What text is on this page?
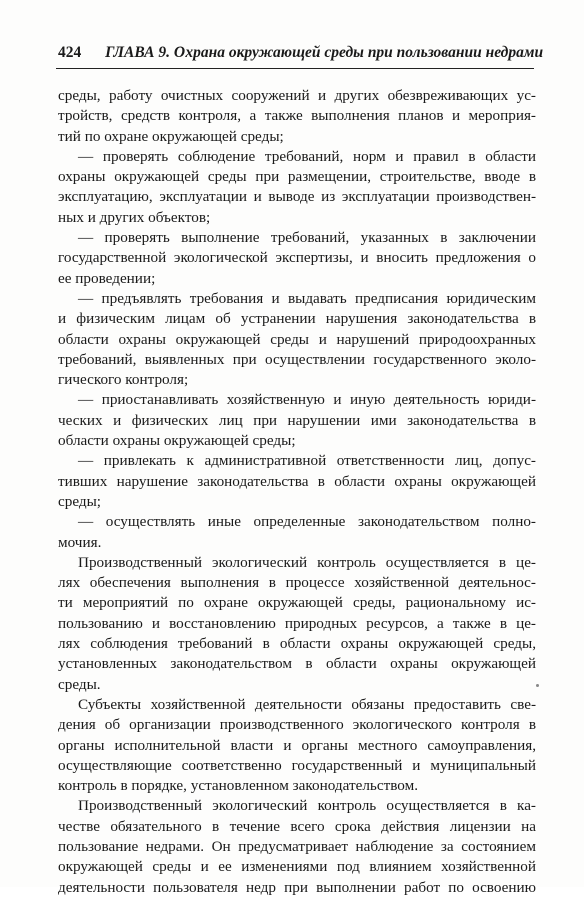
424 ГЛАВА 9. Охрана окружающей среды при пользовании недрами
среды, работу очистных сооружений и других обезвреживающих ус-
тройств, средств контроля, а также выполнения планов и мероприя-
тий по охране окружающей среды;
— проверять соблюдение требований, норм и правил в области
охраны окружающей среды при размещении, строительстве, вводе в
эксплуатацию, эксплуатации и выводе из эксплуатации производствен-
ных и других объектов;
— проверять выполнение требований, указанных в заключении
государственной экологической экспертизы, и вносить предложения о
ее проведении;
— предъявлять требования и выдавать предписания юридическим
и физическим лицам об устранении нарушения законодательства в
области охраны окружающей среды и нарушений природоохранных
требований, выявленных при осуществлении государственного эколо-
гического контроля;
— приостанавливать хозяйственную и иную деятельность юриди-
ческих и физических лиц при нарушении ими законодательства в
области охраны окружающей среды;
— привлекать к административной ответственности лиц, допус-
тивших нарушение законодательства в области охраны окружающей
среды;
— осуществлять иные определенные законодательством полно-
мочия.
Производственный экологический контроль осуществляется в це-
лях обеспечения выполнения в процессе хозяйственной деятельнос-
ти мероприятий по охране окружающей среды, рациональному ис-
пользованию и восстановлению природных ресурсов, а также в це-
лях соблюдения требований в области охраны окружающей среды,
установленных законодательством в области охраны окружающей
среды.
Субъекты хозяйственной деятельности обязаны предоставить све-
дения об организации производственного экологического контроля в
органы исполнительной власти и органы местного самоуправления,
осуществляющие соответственно государственный и муниципальный
контроль в порядке, установленном законодательством.
Производственный экологический контроль осуществляется в ка-
честве обязательного в течение всего срока действия лицензии на
пользование недрами. Он предусматривает наблюдение за состоянием
окружающей среды и ее изменениями под влиянием хозяйственной
деятельности пользователя недр при выполнении работ по освоению
